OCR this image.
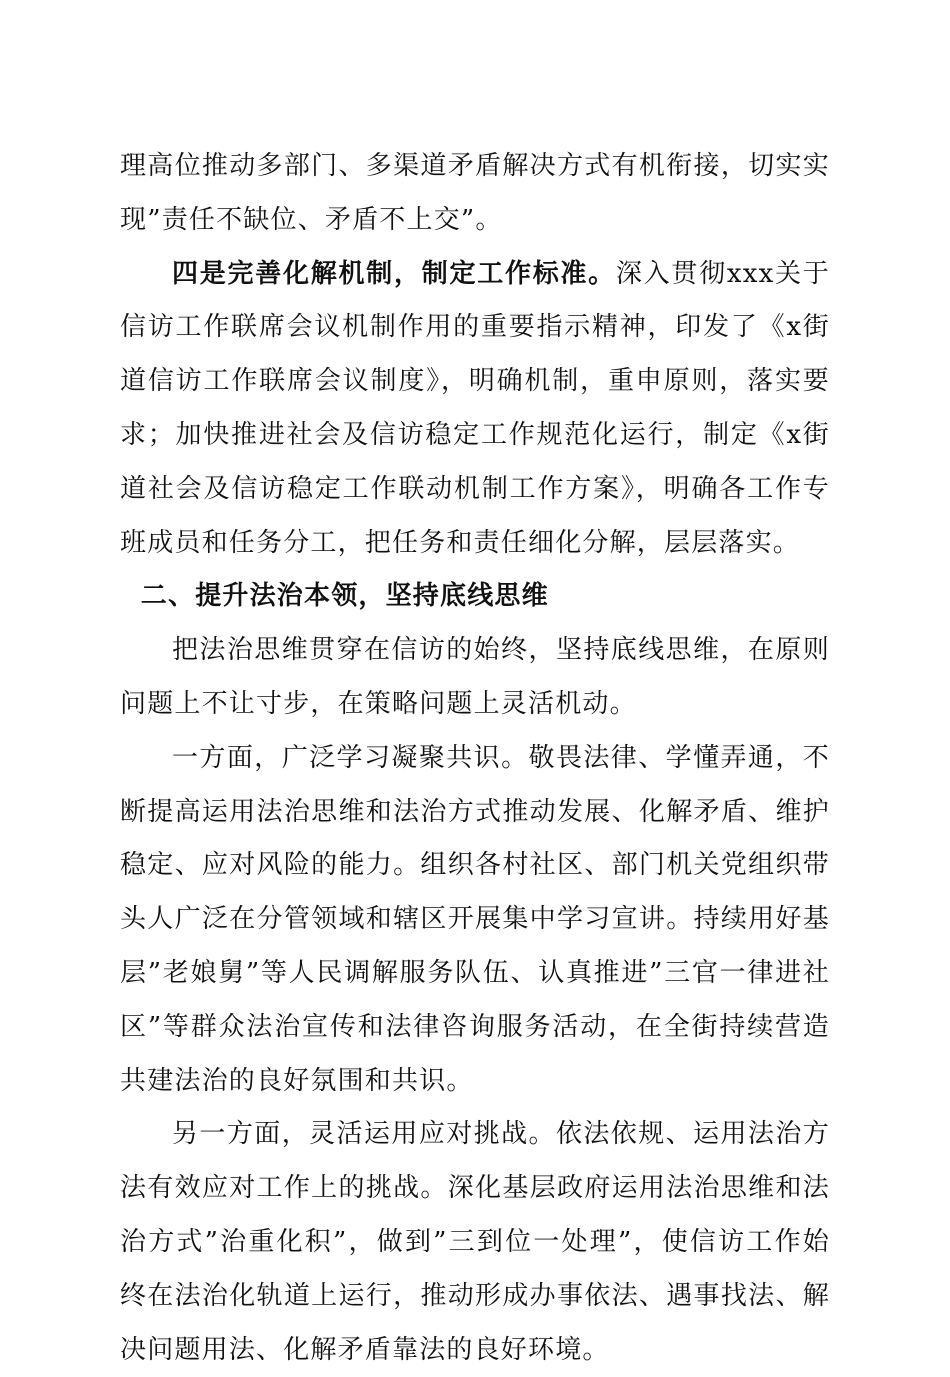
理高位推动多部门、多渠道矛盾解决方式有机衔接，切实实现”责任不缺位、矛盾不上交”。

四是完善化解机制，制定工作标准。深入贯彻xxx关于信访工作联席会议机制作用的重要指示精神，印发了《x街道信访工作联席会议制度》，明确机制，重申原则，落实要求；加快推进社会及信访稳定工作规范化运行，制定《x街道社会及信访稳定工作联动机制工作方案》，明确各工作专班成员和任务分工，把任务和责任细化分解，层层落实。

二、提升法治本领，坚持底线思维

把法治思维贯穿在信访的始终，坚持底线思维，在原则问题上不让寸步，在策略问题上灵活机动。

一方面，广泛学习凝聚共识。敬畏法律、学懂弄通，不断提高运用法治思维和法治方式推动发展、化解矛盾、维护稳定、应对风险的能力。组织各村社区、部门机关党组织带头人广泛在分管领域和辖区开展集中学习宣讲。持续用好基层”老娘舅”等人民调解服务队伍、认真推进”三官一律进社区”等群众法治宣传和法律咨询服务活动，在全街持续营造共建法治的良好氛围和共识。

另一方面，灵活运用应对挑战。依法依规、运用法治方法有效应对工作上的挑战。深化基层政府运用法治思维和法治方式”治重化积”，做到”三到位一处理”，使信访工作始终在法治化轨道上运行，推动形成办事依法、遇事找法、解决问题用法、化解矛盾靠法的良好环境。
